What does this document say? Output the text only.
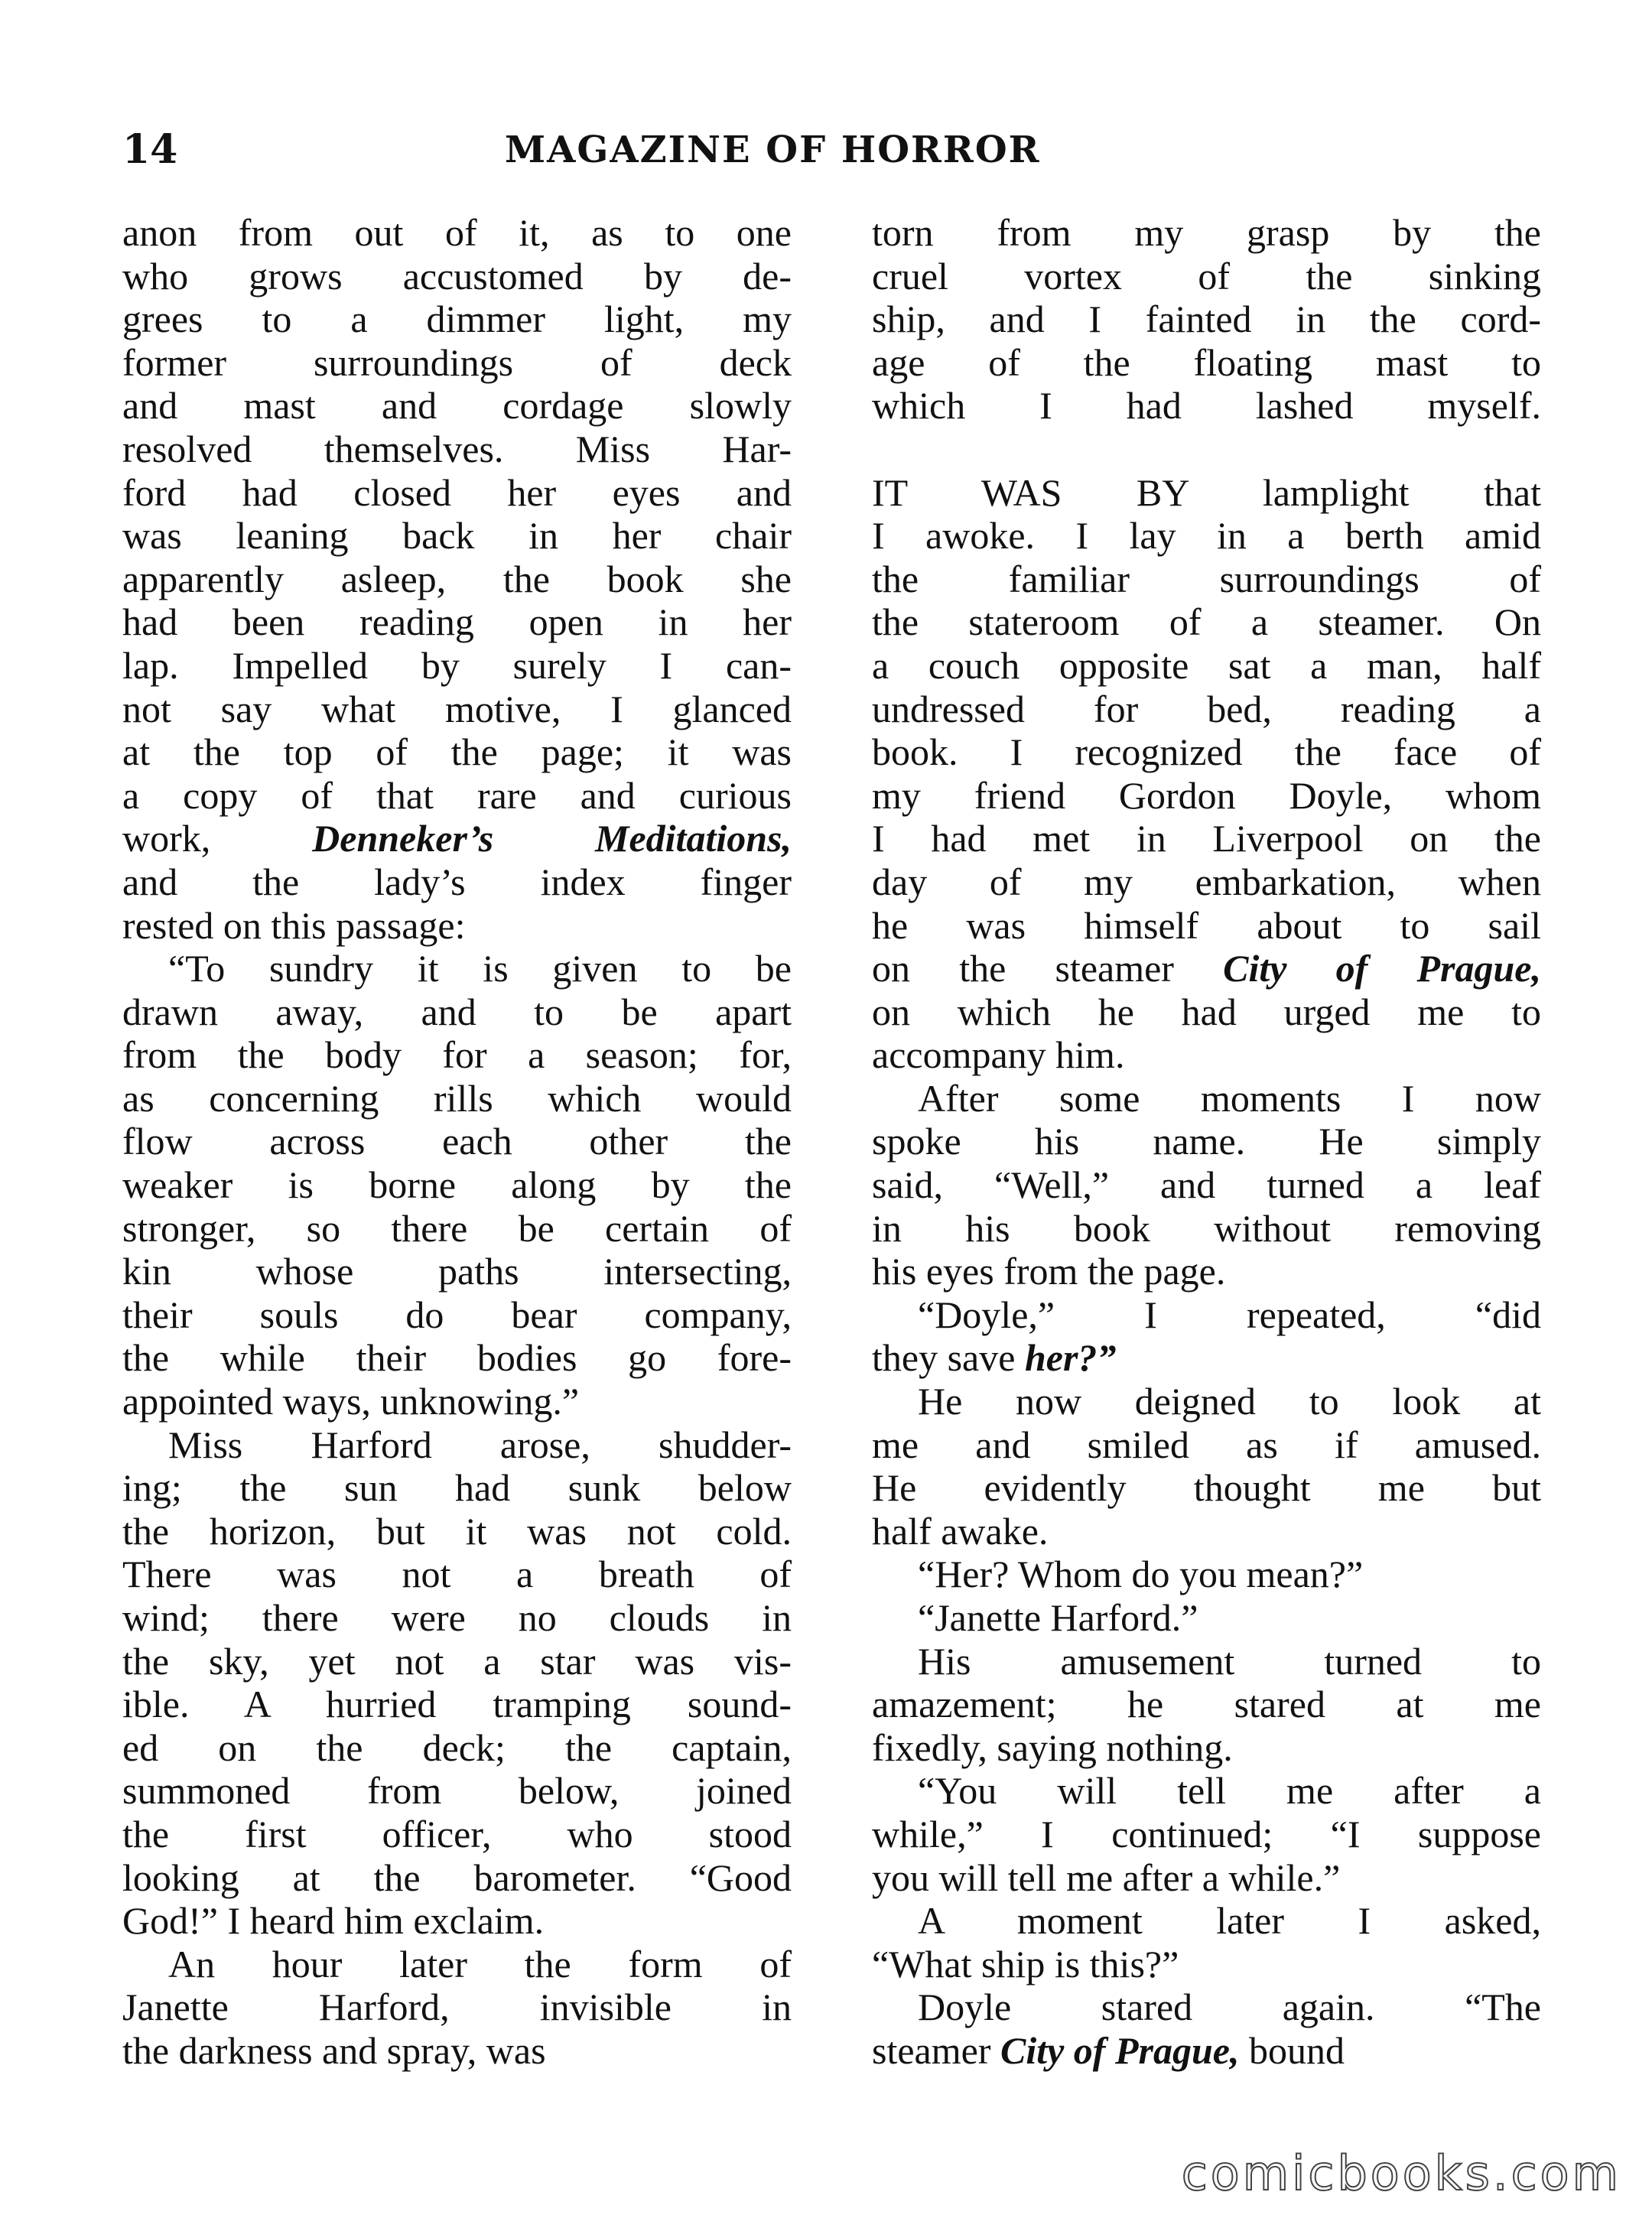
14	MAGAZINE OF HORROR

anon from out of it, as to one
who grows accustomed by de-
grees to a dimmer light, my
former surroundings of deck
and mast and cordage slowly
resolved themselves. Miss Har-
ford had closed her eyes and
was leaning back in her chair
apparently asleep, the book she
had been reading open in her
lap. Impelled by surely I can-
not say what motive, I glanced
at the top of the page; it was
a copy of that rare and curious
work, Denneker’s Meditations,
and the lady’s index finger
rested on this passage:

“To sundry it is given to be
drawn away, and to be apart
from the body for a season; for,
as concerning rills which would
flow across each other the
weaker is borne along by the
stronger, so there be certain of
kin whose paths intersecting,
their souls do bear company,
the while their bodies go fore-
appointed ways, unknowing.”

Miss Harford arose, shudder-
ing; the sun had sunk below
the horizon, but it was not cold.
There was not a breath of
wind; there were no clouds in
the sky, yet not a star was vis-
ible. A hurried tramping sound-
ed on the deck; the captain,
summoned from below, joined
the first officer, who stood
looking at the barometer. “Good
God!” I heard him exclaim.

An hour later the form of
Janette Harford, invisible in
the darkness and spray, was

torn from my grasp by the
cruel vortex of the sinking
ship, and I fainted in the cord-
age of the floating mast to
which I had lashed myself.

IT WAS BY lamplight that
I awoke. I lay in a berth amid
the familiar surroundings of
the stateroom of a steamer. On
a couch opposite sat a man, half
undressed for bed, reading a
book. I recognized the face of
my friend Gordon Doyle, whom
I had met in Liverpool on the
day of my embarkation, when
he was himself about to sail
on the steamer City of Prague,
on which he had urged me to
accompany him.

After some moments I now
spoke his name. He simply
said, “Well,” and turned a leaf
in his book without removing
his eyes from the page.

“Doyle,” I repeated, “did
they save her?”

He now deigned to look at
me and smiled as if amused.
He evidently thought me but
half awake.

“Her? Whom do you mean?”

“Janette Harford.”

His amusement turned to
amazement; he stared at me
fixedly, saying nothing.

“You will tell me after a
while,” I continued; “I suppose
you will tell me after a while.”

A moment later I asked,
“What ship is this?”

Doyle stared again. “The
steamer City of Prague, bound

comicbooks.com
